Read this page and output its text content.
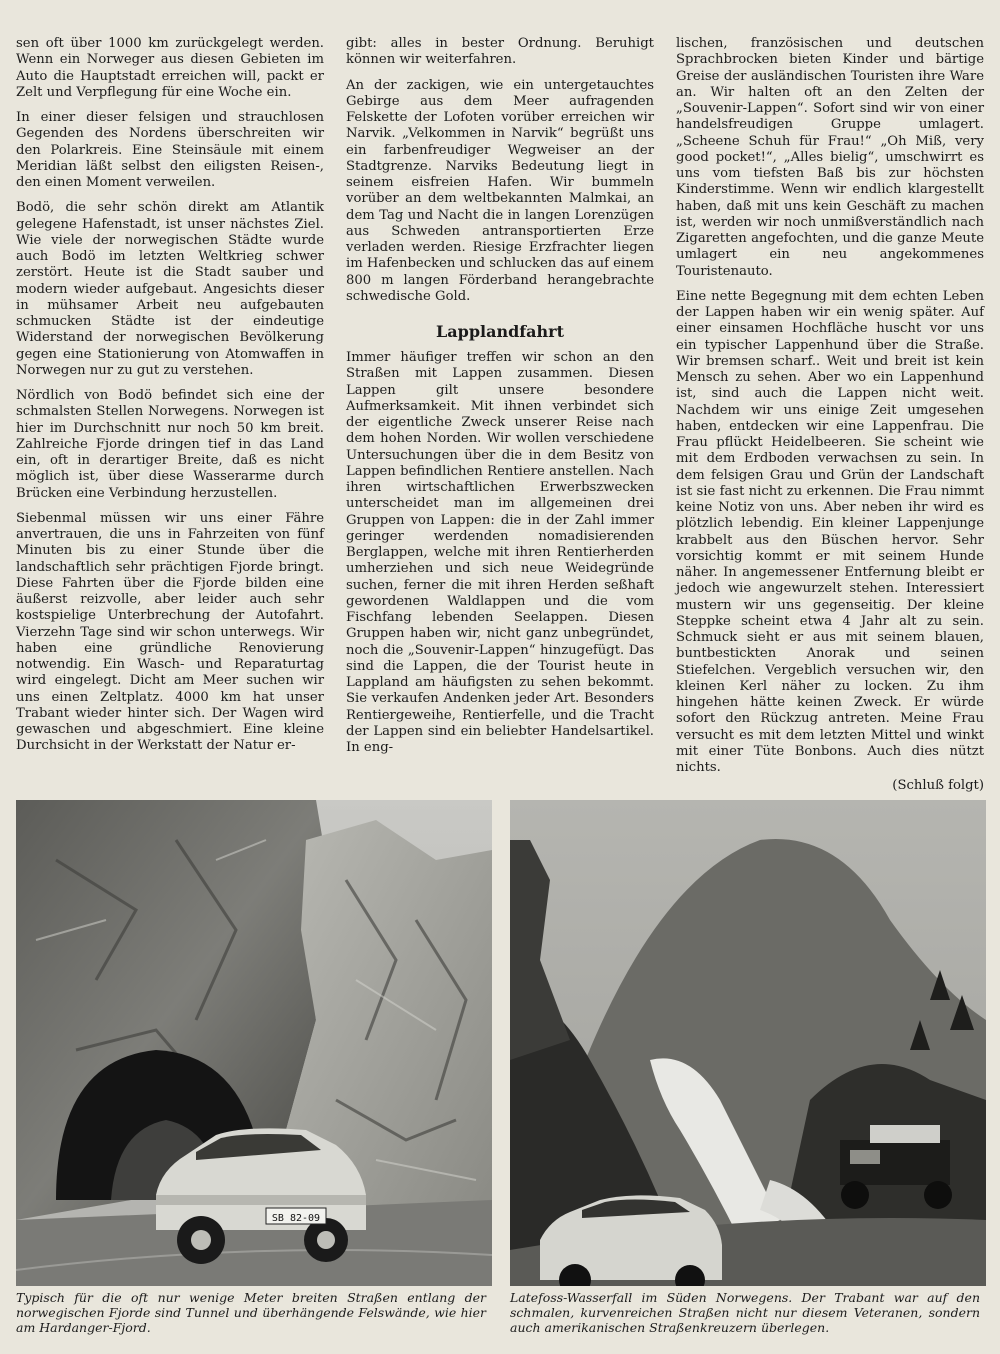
sen oft über 1000 km zurückgelegt werden. Wenn ein Norweger aus diesen Gebieten im Auto die Hauptstadt erreichen will, packt er Zelt und Verpflegung für eine Woche ein.

In einer dieser felsigen und strauchlosen Gegenden des Nordens überschreiten wir den Polarkreis. Eine Steinsäule mit einem Meridian läßt selbst den eiligsten Reisen-, den einen Moment verweilen.

Bodö, die sehr schön direkt am Atlantik gelegene Hafenstadt, ist unser nächstes Ziel. Wie viele der norwegischen Städte wurde auch Bodö im letzten Weltkrieg schwer zerstört. Heute ist die Stadt sauber und modern wieder aufgebaut. Angesichts dieser in mühsamer Arbeit neu aufgebauten schmucken Städte ist der eindeutige Widerstand der norwegischen Bevölkerung gegen eine Stationierung von Atomwaffen in Norwegen nur zu gut zu verstehen.

Nördlich von Bodö befindet sich eine der schmalsten Stellen Norwegens. Norwegen ist hier im Durchschnitt nur noch 50 km breit. Zahlreiche Fjorde dringen tief in das Land ein, oft in derartiger Breite, daß es nicht möglich ist, über diese Wasserarme durch Brücken eine Verbindung herzustellen.

Siebenmal müssen wir uns einer Fähre anvertrauen, die uns in Fahrzeiten von fünf Minuten bis zu einer Stunde über die landschaftlich sehr prächtigen Fjorde bringt. Diese Fahrten über die Fjorde bilden eine äußerst reizvolle, aber leider auch sehr kostspielige Unterbrechung der Autofahrt. Vierzehn Tage sind wir schon unterwegs. Wir haben eine gründliche Renovierung notwendig. Ein Wasch- und Reparaturtag wird eingelegt. Dicht am Meer suchen wir uns einen Zeltplatz. 4000 km hat unser Trabant wieder hinter sich. Der Wagen wird gewaschen und abgeschmiert. Eine kleine Durchsicht in der Werkstatt der Natur er-

gibt: alles in bester Ordnung. Beruhigt können wir weiterfahren.

An der zackigen, wie ein untergetauchtes Gebirge aus dem Meer aufragenden Felskette der Lofoten vorüber erreichen wir Narvik. „Velkommen in Narvik“ begrüßt uns ein farbenfreudiger Wegweiser an der Stadtgrenze. Narviks Bedeutung liegt in seinem eisfreien Hafen. Wir bummeln vorüber an dem weltbekannten Malmkai, an dem Tag und Nacht die in langen Lorenzügen aus Schweden antransportierten Erze verladen werden. Riesige Erzfrachter liegen im Hafenbecken und schlucken das auf einem 800 m langen Förderband herangebrachte schwedische Gold.

Lapplandfahrt

Immer häufiger treffen wir schon an den Straßen mit Lappen zusammen. Diesen Lappen gilt unsere besondere Aufmerksamkeit. Mit ihnen verbindet sich der eigentliche Zweck unserer Reise nach dem hohen Norden. Wir wollen verschiedene Untersuchungen über die in dem Besitz von Lappen befindlichen Rentiere anstellen. Nach ihren wirtschaftlichen Erwerbszwecken unterscheidet man im allgemeinen drei Gruppen von Lappen: die in der Zahl immer geringer werdenden nomadisierenden Berglappen, welche mit ihren Rentierherden umherziehen und sich neue Weidegründe suchen, ferner die mit ihren Herden seßhaft gewordenen Waldlappen und die vom Fischfang lebenden Seelappen. Diesen Gruppen haben wir, nicht ganz unbegründet, noch die „Souvenir-Lappen“ hinzugefügt. Das sind die Lappen, die der Tourist heute in Lappland am häufigsten zu sehen bekommt. Sie verkaufen Andenken jeder Art. Besonders Rentiergeweihe, Rentierfelle, und die Tracht der Lappen sind ein beliebter Handelsartikel. In eng-

lischen, französischen und deutschen Sprachbrocken bieten Kinder und bärtige Greise der ausländischen Touristen ihre Ware an. Wir halten oft an den Zelten der „Souvenir-Lappen“. Sofort sind wir von einer handelsfreudigen Gruppe umlagert. „Scheene Schuh für Frau!“ „Oh Miß, very good pocket!“, „Alles bielig“, umschwirrt es uns vom tiefsten Baß bis zur höchsten Kinderstimme. Wenn wir endlich klargestellt haben, daß mit uns kein Geschäft zu machen ist, werden wir noch unmißverständlich nach Zigaretten angefochten, und die ganze Meute umlagert ein neu angekommenes Touristenauto.

Eine nette Begegnung mit dem echten Leben der Lappen haben wir ein wenig später. Auf einer einsamen Hochfläche huscht vor uns ein typischer Lappenhund über die Straße. Wir bremsen scharf.. Weit und breit ist kein Mensch zu sehen. Aber wo ein Lappenhund ist, sind auch die Lappen nicht weit. Nachdem wir uns einige Zeit umgesehen haben, entdecken wir eine Lappenfrau. Die Frau pflückt Heidelbeeren. Sie scheint wie mit dem Erdboden verwachsen zu sein. In dem felsigen Grau und Grün der Landschaft ist sie fast nicht zu erkennen. Die Frau nimmt keine Notiz von uns. Aber neben ihr wird es plötzlich lebendig. Ein kleiner Lappenjunge krabbelt aus den Büschen hervor. Sehr vorsichtig kommt er mit seinem Hunde näher. In angemessener Entfernung bleibt er jedoch wie angewurzelt stehen. Interessiert mustern wir uns gegenseitig. Der kleine Steppke scheint etwa 4 Jahr alt zu sein. Schmuck sieht er aus mit seinem blauen, buntbestickten Anorak und seinen Stiefelchen. Vergeblich versuchen wir, den kleinen Kerl näher zu locken. Zu ihm hingehen hätte keinen Zweck. Er würde sofort den Rückzug antreten. Meine Frau versucht es mit dem letzten Mittel und winkt mit einer Tüte Bonbons. Auch dies nützt nichts.

(Schluß folgt)
SB 82-09

Typisch für die oft nur wenige Meter breiten Straßen entlang der norwegischen Fjorde sind Tunnel und überhängende Felswände, wie hier am Hardanger-Fjord.

Latefoss-Wasserfall im Süden Norwegens. Der Trabant war auf den schmalen, kurvenreichen Straßen nicht nur diesem Veteranen, sondern auch amerikanischen Straßenkreuzern überlegen.
